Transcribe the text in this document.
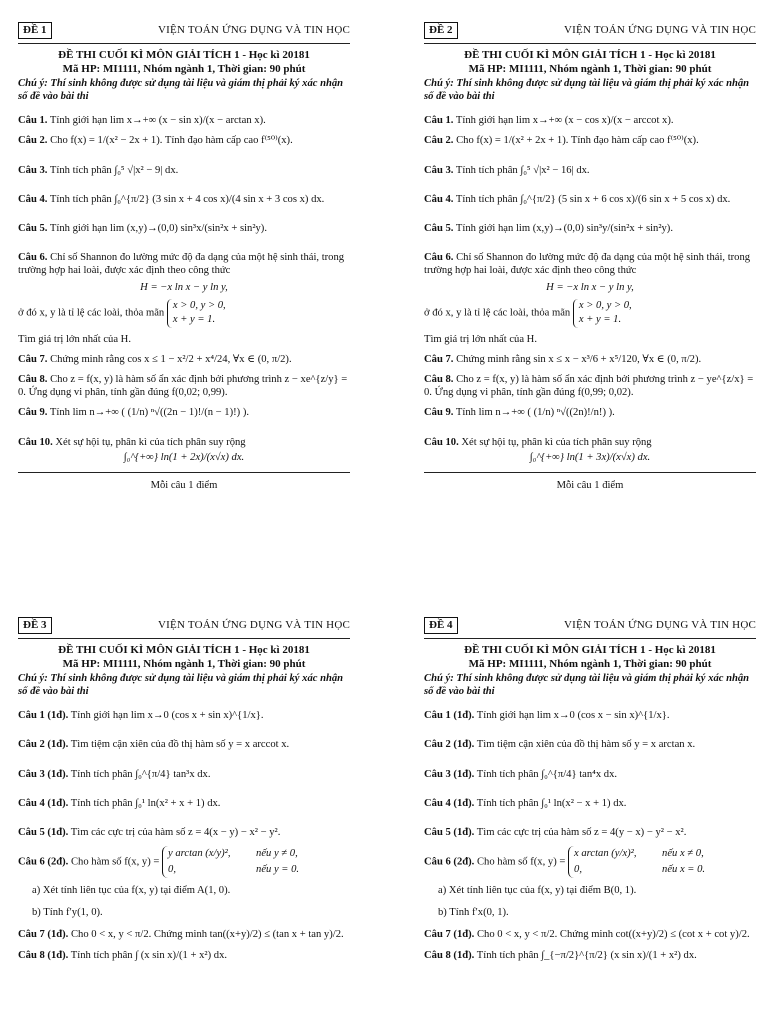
ĐỀ 1	VIỆN TOÁN ỨNG DỤNG VÀ TIN HỌC
ĐỀ THI CUỐI KÌ MÔN GIẢI TÍCH 1 - Học kì 20181
Mã HP: MI1111, Nhóm ngành 1, Thời gian: 90 phút
Chú ý: Thí sinh không được sử dụng tài liệu và giám thị phải ký xác nhận số đề vào bài thi
Câu 1. Tính giới hạn lim x→+∞ (x − sin x)/(x − arctan x).
Câu 2. Cho f(x) = 1/(x² − 2x + 1). Tính đạo hàm cấp cao f⁽⁵⁰⁾(x).
Câu 3. Tính tích phân ∫₀⁵ √|x² − 9| dx.
Câu 4. Tính tích phân ∫₀^{π/2} (3 sin x + 4 cos x)/(4 sin x + 3 cos x) dx.
Câu 5. Tính giới hạn lim (x,y)→(0,0) sin³x/(sin²x + sin²y).
Câu 6. Chỉ số Shannon đo lường mức độ đa dạng của một hệ sinh thái, trong trường hợp hai loài, được xác định theo công thức
H = −x ln x − y ln y,
ở đó x, y là tỉ lệ các loài, thỏa mãn x > 0, y > 0,
x + y = 1.
Tìm giá trị lớn nhất của H.
Câu 7. Chứng minh rằng cos x ≤ 1 − x²/2 + x⁴/24, ∀x ∈ (0, π/2).
Câu 8. Cho z = f(x, y) là hàm số ẩn xác định bởi phương trình z − xe^{z/y} = 0. Ứng dụng vi phân, tính gần đúng f(0,02; 0,99).
Câu 9. Tính lim n→+∞ ( (1/n) ⁿ√((2n − 1)!/(n − 1)!) ).
Câu 10. Xét sự hội tụ, phân kì của tích phân suy rộng
∫₀^{+∞} ln(1 + 2x)/(x√x) dx.
Mỗi câu 1 điểm
ĐỀ 2	VIỆN TOÁN ỨNG DỤNG VÀ TIN HỌC
ĐỀ THI CUỐI KÌ MÔN GIẢI TÍCH 1 - Học kì 20181
Mã HP: MI1111, Nhóm ngành 1, Thời gian: 90 phút
Chú ý: Thí sinh không được sử dụng tài liệu và giám thị phải ký xác nhận số đề vào bài thi
Câu 1. Tính giới hạn lim x→+∞ (x − cos x)/(x − arccot x).
Câu 2. Cho f(x) = 1/(x² + 2x + 1). Tính đạo hàm cấp cao f⁽⁵⁰⁾(x).
Câu 3. Tính tích phân ∫₀⁵ √|x² − 16| dx.
Câu 4. Tính tích phân ∫₀^{π/2} (5 sin x + 6 cos x)/(6 sin x + 5 cos x) dx.
Câu 5. Tính giới hạn lim (x,y)→(0,0) sin³y/(sin²x + sin²y).
Câu 6. Chỉ số Shannon đo lường mức độ đa dạng của một hệ sinh thái, trong trường hợp hai loài, được xác định theo công thức
H = −x ln x − y ln y,
ở đó x, y là tỉ lệ các loài, thỏa mãn x > 0, y > 0,
x + y = 1.
Tìm giá trị lớn nhất của H.
Câu 7. Chứng minh rằng sin x ≤ x − x³/6 + x⁵/120, ∀x ∈ (0, π/2).
Câu 8. Cho z = f(x, y) là hàm số ẩn xác định bởi phương trình z − ye^{z/x} = 0. Ứng dụng vi phân, tính gần đúng f(0,99; 0,02).
Câu 9. Tính lim n→+∞ ( (1/n) ⁿ√((2n)!/n!) ).
Câu 10. Xét sự hội tụ, phân kì của tích phân suy rộng
∫₀^{+∞} ln(1 + 3x)/(x√x) dx.
Mỗi câu 1 điểm
ĐỀ 3	VIỆN TOÁN ỨNG DỤNG VÀ TIN HỌC
ĐỀ THI CUỐI KÌ MÔN GIẢI TÍCH 1 - Học kì 20181
Mã HP: MI1111, Nhóm ngành 1, Thời gian: 90 phút
Chú ý: Thí sinh không được sử dụng tài liệu và giám thị phải ký xác nhận số đề vào bài thi
Câu 1 (1đ). Tính giới hạn lim x→0 (cos x + sin x)^{1/x}.
Câu 2 (1đ). Tìm tiệm cận xiên của đồ thị hàm số y = x arccot x.
Câu 3 (1đ). Tính tích phân ∫₀^{π/4} tan³x dx.
Câu 4 (1đ). Tính tích phân ∫₀¹ ln(x² + x + 1) dx.
Câu 5 (1đ). Tìm các cực trị của hàm số z = 4(x − y) − x² − y².
Câu 6 (2đ). Cho hàm số f(x, y) = y arctan (x/y)², nếu y ≠ 0,
0,	nếu y = 0.
a) Xét tính liên tục của f(x, y) tại điểm A(1, 0).
b) Tính f′y(1, 0).
Câu 7 (1đ). Cho 0 < x, y < π/2. Chứng minh tan((x+y)/2) ≤ (tan x + tan y)/2.
Câu 8 (1đ). Tính tích phân ∫ (x sin x)/(1 + x²) dx.
ĐỀ 4	VIỆN TOÁN ỨNG DỤNG VÀ TIN HỌC
ĐỀ THI CUỐI KÌ MÔN GIẢI TÍCH 1 - Học kì 20181
Mã HP: MI1111, Nhóm ngành 1, Thời gian: 90 phút
Chú ý: Thí sinh không được sử dụng tài liệu và giám thị phải ký xác nhận số đề vào bài thi
Câu 1 (1đ). Tính giới hạn lim x→0 (cos x − sin x)^{1/x}.
Câu 2 (1đ). Tìm tiệm cận xiên của đồ thị hàm số y = x arctan x.
Câu 3 (1đ). Tính tích phân ∫₀^{π/4} tan⁴x dx.
Câu 4 (1đ). Tính tích phân ∫₀¹ ln(x² − x + 1) dx.
Câu 5 (1đ). Tìm các cực trị của hàm số z = 4(y − x) − y² − x².
Câu 6 (2đ). Cho hàm số f(x, y) = x arctan (y/x)², nếu x ≠ 0,
0,	nếu x = 0.
a) Xét tính liên tục của f(x, y) tại điểm B(0, 1).
b) Tính f′x(0, 1).
Câu 7 (1đ). Cho 0 < x, y < π/2. Chứng minh cot((x+y)/2) ≤ (cot x + cot y)/2.
Câu 8 (1đ). Tính tích phân ∫_{−π/2}^{π/2} (x sin x)/(1 + x²) dx.
